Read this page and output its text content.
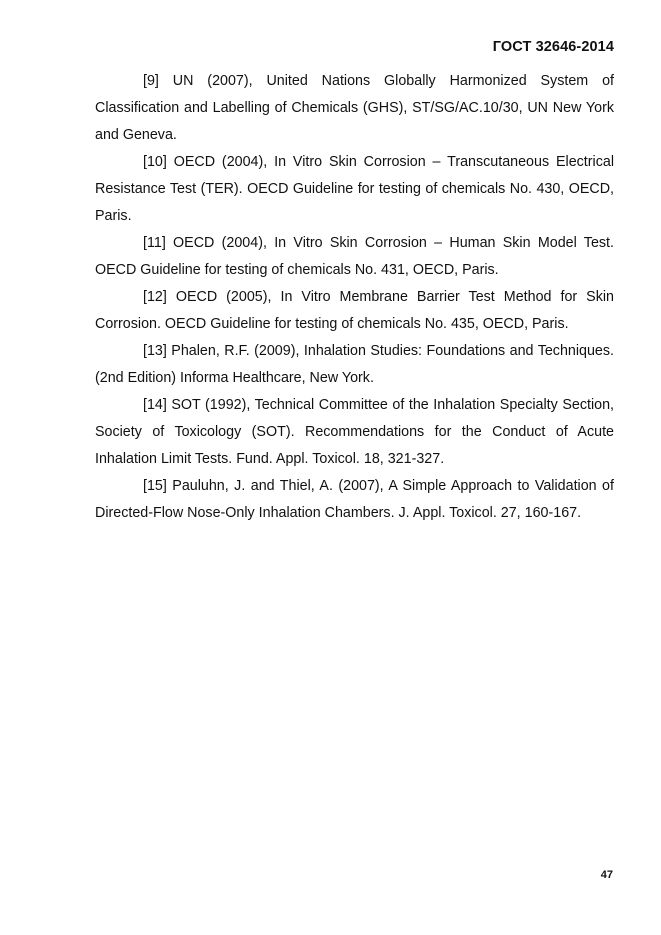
ГОСТ 32646-2014

[9] UN (2007), United Nations Globally Harmonized System of Classification and Labelling of Chemicals (GHS), ST/SG/AC.10/30, UN New York and Geneva.

[10] OECD (2004), In Vitro Skin Corrosion – Transcutaneous Electrical Resistance Test (TER). OECD Guideline for testing of chemicals No. 430, OECD, Paris.

[11] OECD (2004), In Vitro Skin Corrosion – Human Skin Model Test. OECD Guideline for testing of chemicals No. 431, OECD, Paris.

[12] OECD (2005), In Vitro Membrane Barrier Test Method for Skin Corrosion. OECD Guideline for testing of chemicals No. 435, OECD, Paris.

[13] Phalen, R.F. (2009), Inhalation Studies: Foundations and Techniques. (2nd Edition) Informa Healthcare, New York.

[14] SOT (1992), Technical Committee of the Inhalation Specialty Section, Society of Toxicology (SOT). Recommendations for the Conduct of Acute Inhalation Limit Tests. Fund. Appl. Toxicol. 18, 321-327.

[15] Pauluhn, J. and Thiel, A. (2007), A Simple Approach to Validation of Directed-Flow Nose-Only Inhalation Chambers. J. Appl. Toxicol. 27, 160-167.

47
